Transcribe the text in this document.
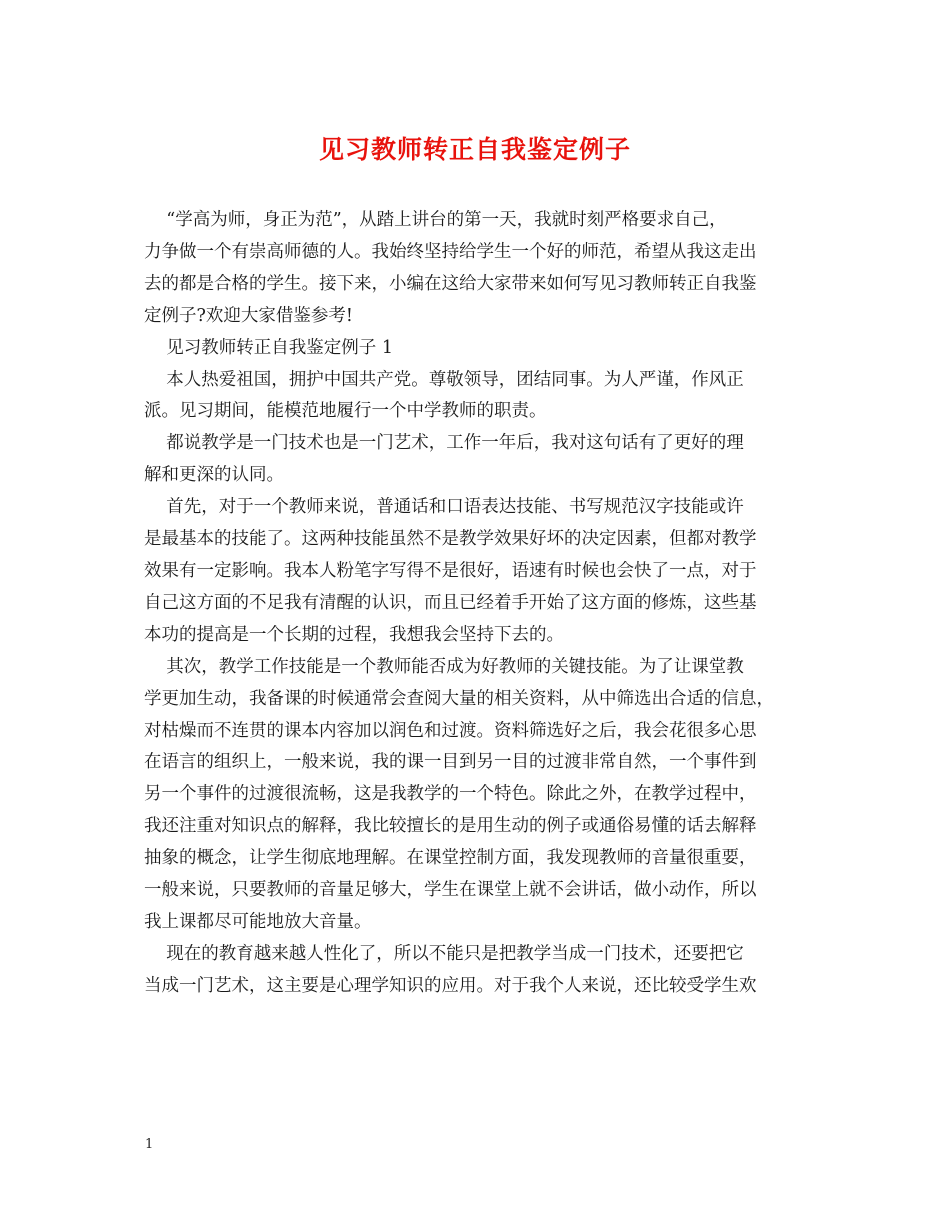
见习教师转正自我鉴定例子

“学高为师，身正为范”，从踏上讲台的第一天，我就时刻严格要求自己，

力争做一个有崇高师德的人。我始终坚持给学生一个好的师范，希望从我这走出

去的都是合格的学生。接下来，小编在这给大家带来如何写见习教师转正自我鉴

定例子?欢迎大家借鉴参考!

见习教师转正自我鉴定例子 1

本人热爱祖国，拥护中国共产党。尊敬领导，团结同事。为人严谨，作风正

派。见习期间，能模范地履行一个中学教师的职责。

都说教学是一门技术也是一门艺术，工作一年后，我对这句话有了更好的理

解和更深的认同。

首先，对于一个教师来说，普通话和口语表达技能、书写规范汉字技能或许

是最基本的技能了。这两种技能虽然不是教学效果好坏的决定因素，但都对教学

效果有一定影响。我本人粉笔字写得不是很好，语速有时候也会快了一点，对于

自己这方面的不足我有清醒的认识，而且已经着手开始了这方面的修炼，这些基

本功的提高是一个长期的过程，我想我会坚持下去的。

其次，教学工作技能是一个教师能否成为好教师的关键技能。为了让课堂教

学更加生动，我备课的时候通常会查阅大量的相关资料，从中筛选出合适的信息，

对枯燥而不连贯的课本内容加以润色和过渡。资料筛选好之后，我会花很多心思

在语言的组织上，一般来说，我的课一目到另一目的过渡非常自然，一个事件到

另一个事件的过渡很流畅，这是我教学的一个特色。除此之外，在教学过程中，

我还注重对知识点的解释，我比较擅长的是用生动的例子或通俗易懂的话去解释

抽象的概念，让学生彻底地理解。在课堂控制方面，我发现教师的音量很重要，

一般来说，只要教师的音量足够大，学生在课堂上就不会讲话，做小动作，所以

我上课都尽可能地放大音量。

现在的教育越来越人性化了，所以不能只是把教学当成一门技术，还要把它

当成一门艺术，这主要是心理学知识的应用。对于我个人来说，还比较受学生欢

1
